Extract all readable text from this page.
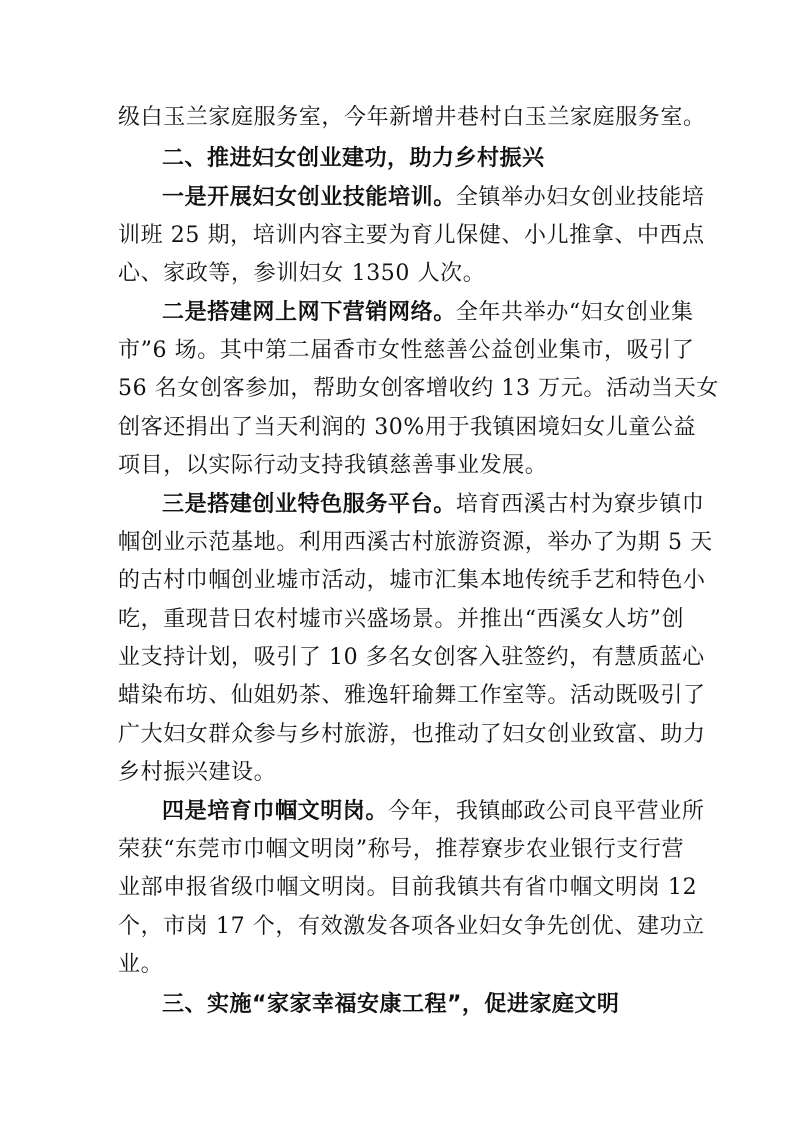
级白玉兰家庭服务室，今年新增井巷村白玉兰家庭服务室。
二、推进妇女创业建功，助力乡村振兴
一是开展妇女创业技能培训。全镇举办妇女创业技能培
训班 25 期，培训内容主要为育儿保健、小儿推拿、中西点
心、家政等，参训妇女 1350 人次。
二是搭建网上网下营销网络。全年共举办“妇女创业集
市”6 场。其中第二届香市女性慈善公益创业集市，吸引了
56 名女创客参加，帮助女创客增收约 13 万元。活动当天女
创客还捐出了当天利润的 30%用于我镇困境妇女儿童公益
项目，以实际行动支持我镇慈善事业发展。
三是搭建创业特色服务平台。培育西溪古村为寮步镇巾
帼创业示范基地。利用西溪古村旅游资源，举办了为期 5 天
的古村巾帼创业墟市活动，墟市汇集本地传统手艺和特色小
吃，重现昔日农村墟市兴盛场景。并推出“西溪女人坊”创
业支持计划，吸引了 10 多名女创客入驻签约，有慧质蓝心
蜡染布坊、仙姐奶茶、雅逸轩瑜舞工作室等。活动既吸引了
广大妇女群众参与乡村旅游，也推动了妇女创业致富、助力
乡村振兴建设。
四是培育巾帼文明岗。今年，我镇邮政公司良平营业所
荣获“东莞市巾帼文明岗”称号，推荐寮步农业银行支行营
业部申报省级巾帼文明岗。目前我镇共有省巾帼文明岗 12
个，市岗 17 个，有效激发各项各业妇女争先创优、建功立
业。
三、实施“家家幸福安康工程”，促进家庭文明
